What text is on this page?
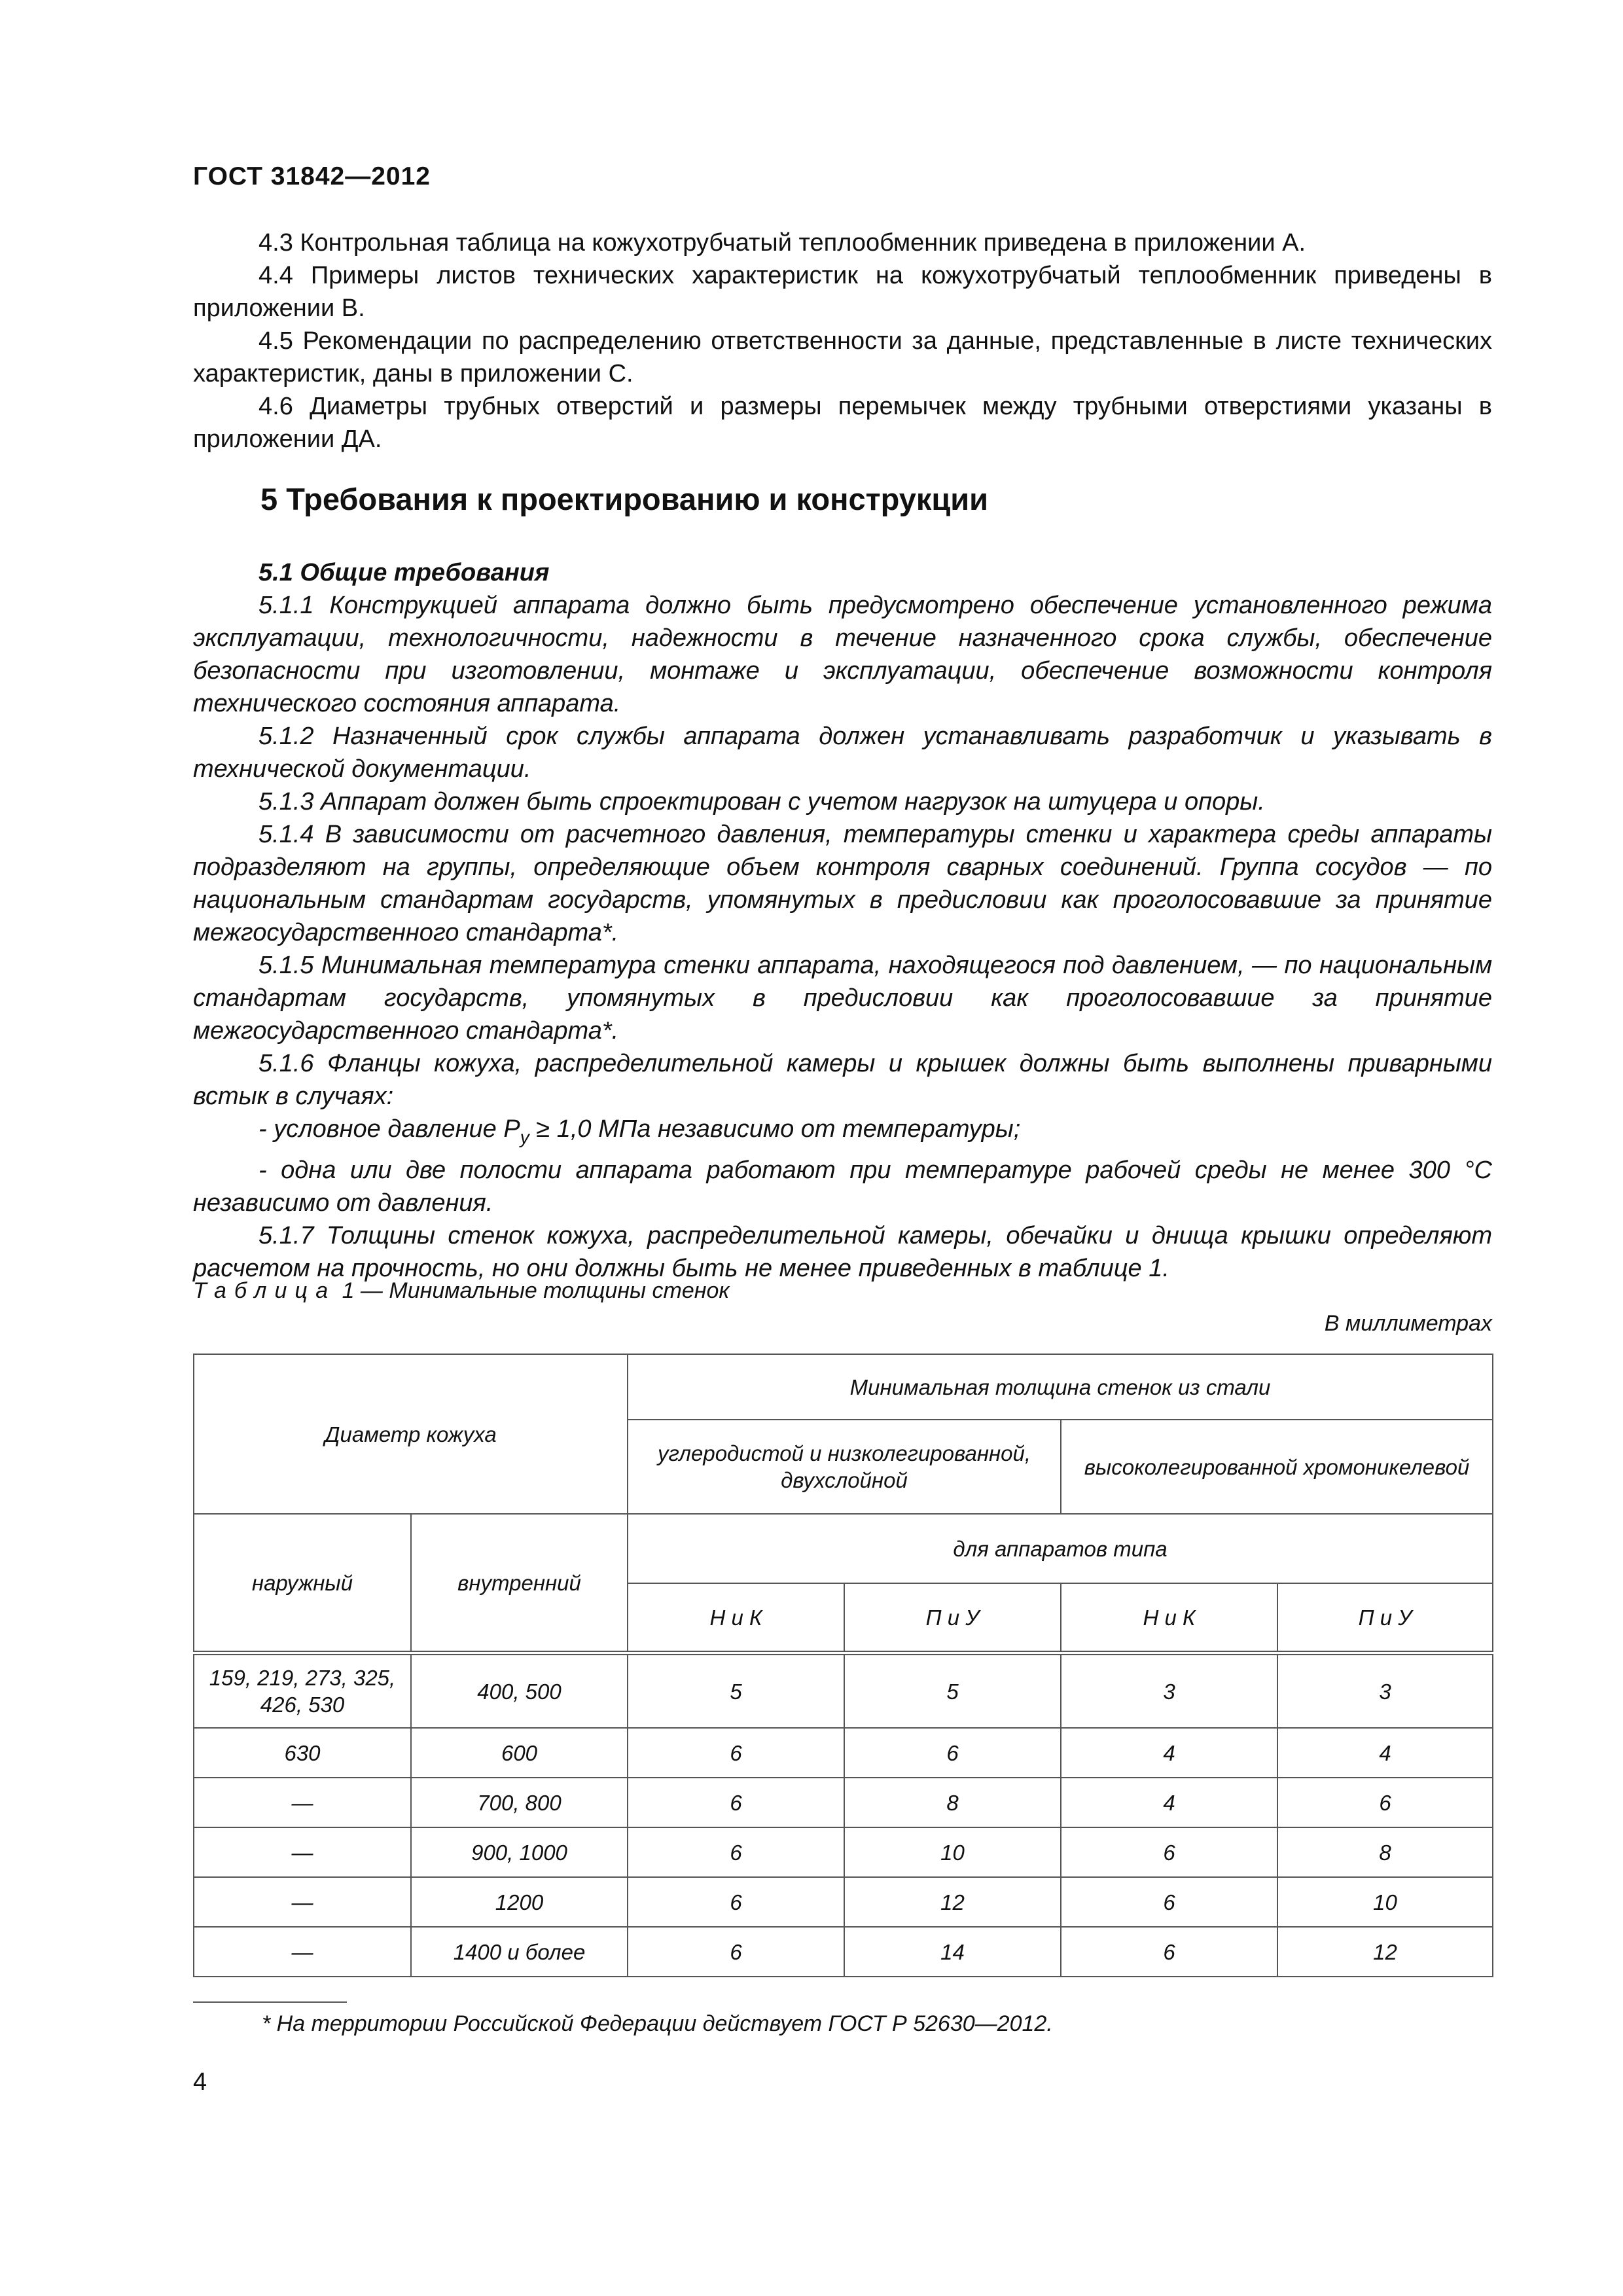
ГОСТ 31842—2012

4.3 Контрольная таблица на кожухотрубчатый теплообменник приведена в приложении А.

4.4 Примеры листов технических характеристик на кожухотрубчатый теплообменник приведены в приложении В.

4.5 Рекомендации по распределению ответственности за данные, представленные в листе технических характеристик, даны в приложении С.

4.6 Диаметры трубных отверстий и размеры перемычек между трубными отверстиями указаны в приложении ДА.

5 Требования к проектированию и конструкции

5.1 Общие требования

5.1.1 Конструкцией аппарата должно быть предусмотрено обеспечение установленного режима эксплуатации, технологичности, надежности в течение назначенного срока службы, обеспечение безопасности при изготовлении, монтаже и эксплуатации, обеспечение возможности контроля технического состояния аппарата.

5.1.2 Назначенный срок службы аппарата должен устанавливать разработчик и указывать в технической документации.

5.1.3 Аппарат должен быть спроектирован с учетом нагрузок на штуцера и опоры.

5.1.4 В зависимости от расчетного давления, температуры стенки и характера среды аппараты подразделяют на группы, определяющие объем контроля сварных соединений. Группа сосудов — по национальным стандартам государств, упомянутых в предисловии как проголосовавшие за принятие межгосударственного стандарта*.

5.1.5 Минимальная температура стенки аппарата, находящегося под давлением, — по национальным стандартам государств, упомянутых в предисловии как проголосовавшие за принятие межгосударственного стандарта*.

5.1.6 Фланцы кожуха, распределительной камеры и крышек должны быть выполнены приварными встык в случаях:

- условное давление $P_у \ge 1,0$ МПа независимо от температуры;

- одна или две полости аппарата работают при температуре рабочей среды не менее 300 °С независимо от давления.

5.1.7 Толщины стенок кожуха, распределительной камеры, обечайки и днища крышки определяют расчетом на прочность, но они должны быть не менее приведенных в таблице 1.

Таблица 1 — Минимальные толщины стенок
В миллиметрах
Диаметр кожуха		Минимальная толщина стенок из стали			
		углеродистой и низколегированной, двухслойной		высоколегированной хромоникелевой	
наружный	внутренний	для аппаратов типа			
		Н и К	П и У	Н и К	П и У
159, 219, 273, 325, 426, 530	400, 500	5	5	3	3
630	600	6	6	4	4
—	700, 800	6	8	4	6
—	900, 1000	6	10	6	8
—	1200	6	12	6	10
—	1400 и более	6	14	6	12
* На территории Российской Федерации действует ГОСТ Р 52630—2012.
4
